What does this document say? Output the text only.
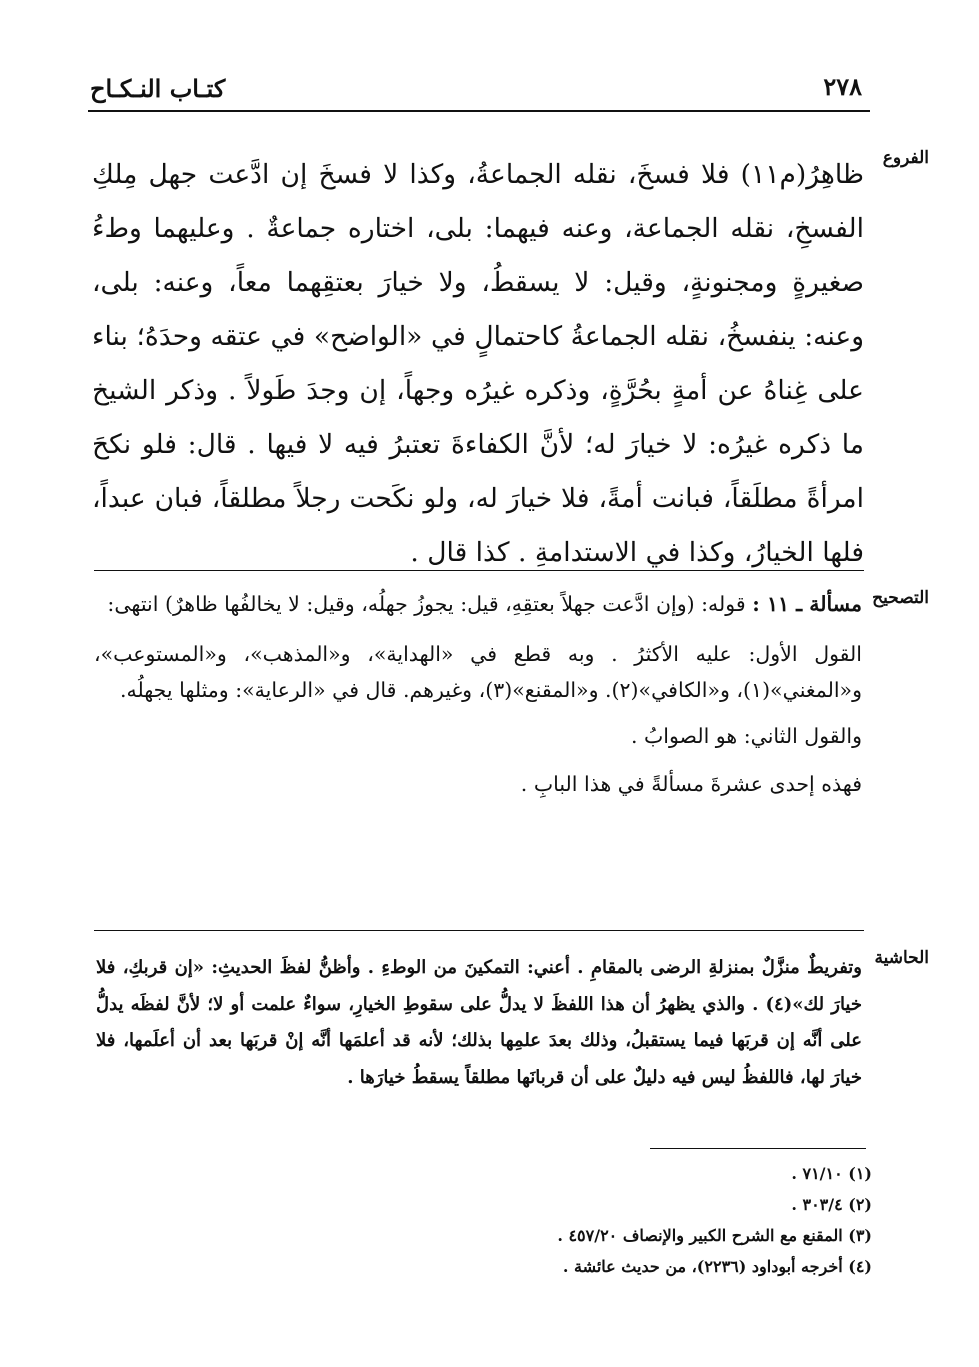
٢٧٨
كتـاب النـكـاح
الفروع
ظاهِرُ(م١١) فلا فسخَ، نقله الجماعةُ، وكذا لا فسخَ إن ادَّعت جهل مِلكِ الفسخِ، نقله الجماعة، وعنه فيهما: بلى، اختاره جماعةٌ . وعليهما وطءُ صغيرةٍ ومجنونةٍ، وقيل: لا يسقطُ، ولا خيارَ بعتقِهما معاً، وعنه: بلى، وعنه: ينفسخُ، نقله الجماعةُ كاحتمالٍ في «الواضح» في عتقه وحدَهُ؛ بناء على غِناهُ عن أمةٍ بحُرَّةٍ، وذكره غيرُه وجهاً، إن وجدَ طَولاً . وذكر الشيخ ما ذكره غيرُه: لا خيارَ له؛ لأنَّ الكفاءةَ تعتبرُ فيه لا فيها . قال: فلو نكحَ امرأةً مطلَقاً، فبانت أمةً، فلا خيارَ له، ولو نكَحت رجلاً مطلقاً، فبان عبداً، فلها الخيارُ، وكذا في الاستدامةِ . كذا قال .
التصحيح

مسألة ـ ١١ : قوله: (وإن ادَّعت جهلاً بعتقِهِ، قيل: يجوزُ جهلُه، وقيل: لا يخالفُها ظاهرٌ) انتهى:

القول الأول: عليه الأكثرُ . وبه قطع في «الهداية»، و«المذهب»، و«المستوعب»، و«المغني»(١)، و«الكافي»(٢). و«المقنع»(٣)، وغيرهم. قال في «الرعاية»: ومثلها يجهلُه.

والقول الثاني: هو الصوابُ .

فهذه إحدى عشرةَ مسألةً في هذا البابِ .

الحاشية
وتفريطٌ منزَّلٌ بمنزلةِ الرضى بالمقامِ . أعني: التمكينَ من الوطءِ . وأظنُّ لفظَ الحديثِ: «إن قربكِ، فلا خيارَ لك»(٤) . والذي يظهرُ أن هذا اللفظَ لا يدلُّ على سقوطِ الخيارِ، سواءٌ علمت أو لا؛ لأنَّ لفظَه يدلُّ على أنَّه إن قربَها فيما يستقبلُ، وذلك بعدَ علمِها بذلك؛ لأنه قد أعلمَها أنَّه إنْ قربَها بعد أن أعلَمها، فلا خيارَ لها، فاللفظُ ليس فيه دليلٌ على أن قربانَها مطلقاً يسقطُ خيارَها .
(١) ٧١/١٠ .
(٢) ٣٠٣/٤ .
(٣) المقنع مع الشرح الكبير والإنصاف ٤٥٧/٢٠ .
(٤) أخرجه أبوداود (٢٢٣٦)، من حديث عائشة .
